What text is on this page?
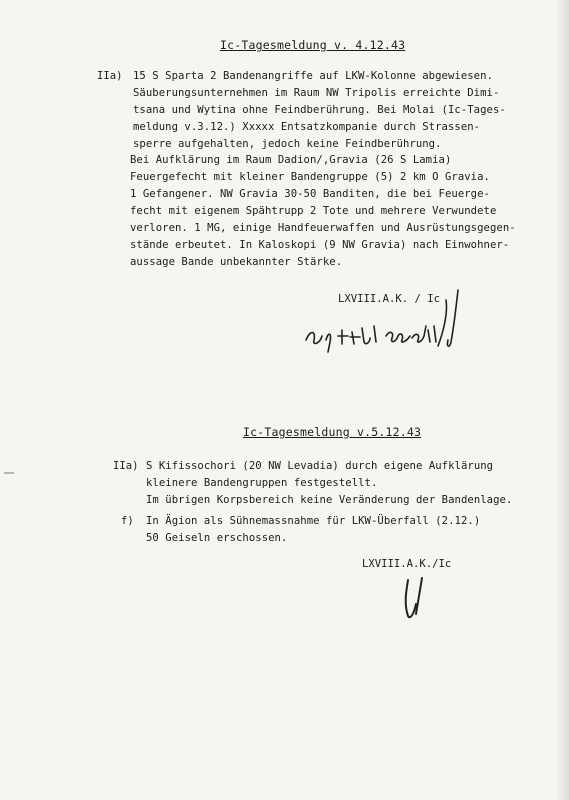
Ic-Tagesmeldung v. 4.12.43
IIa) 15 S Sparta 2 Bandenangriffe auf LKW-Kolonne abgewiesen.
Säuberungsunternehmen im Raum NW Tripolis erreichte Dimi-
tsana und Wytina ohne Feindberührung. Bei Molai (Ic-Tages-
meldung v.3.12.) Xxxxx Entsatzkompanie durch Strassen-
sperre aufgehalten, jedoch keine Feindberührung.
Bei Aufklärung im Raum Dadion/,Gravia (26 S Lamia)
Feuergefecht mit kleiner Bandengruppe (5) 2 km O Gravia.
1 Gefangener. NW Gravia 30-50 Banditen, die bei Feuerge-
fecht mit eigenem Spähtrupp 2 Tote und mehrere Verwundete
verloren. 1 MG, einige Handfeuerwaffen und Ausrüstungsgegen-
stände erbeutet. In Kaloskopi (9 NW Gravia) nach Einwohner-
aussage Bande unbekannter Stärke.
LXVIII.A.K. / Ic
Ic-Tagesmeldung v.5.12.43
IIa) S Kifissochori (20 NW Levadia) durch eigene Aufklärung
kleinere Bandengruppen festgestellt.
Im übrigen Korpsbereich keine Veränderung der Bandenlage.
f) In Ägion als Sühnemassnahme für LKW-Überfall (2.12.)
50 Geiseln erschossen.
LXVIII.A.K./Ic
